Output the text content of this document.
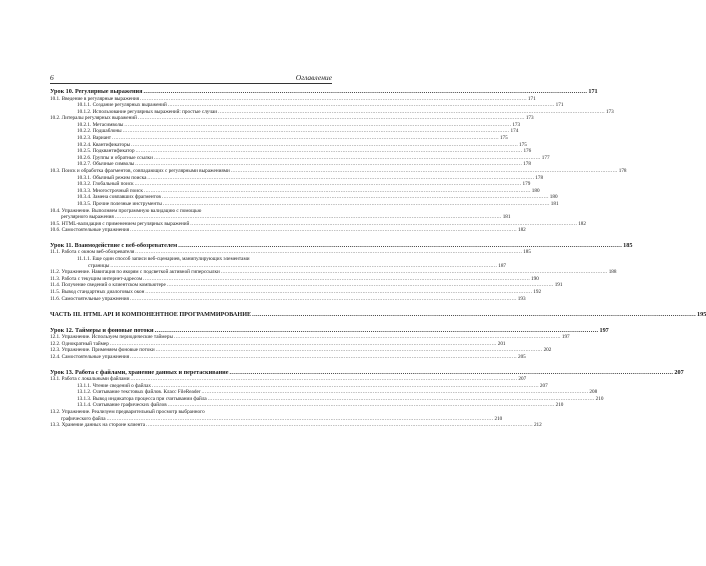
6	Оглавление
Урок 10. Регулярные выражения .....	171
10.1. Введение в регулярные выражения .....	171
10.1.1. Создание регулярных выражений .....	171
10.1.2. Использование регулярных выражений: простые случаи .....	173
10.2. Литералы регулярных выражений .....	173
10.2.1. Метасимволы .....	173
10.2.2. Подшаблоны .....	174
10.2.3. Вариант .....	175
10.2.4. Квантификаторы .....	175
10.2.5. Подквантификатор .....	176
10.2.6. Группы и обратные ссылки .....	177
10.2.7. Обычные символы .....	178
10.3. Поиск и обработка фрагментов, совпадающих с регулярными выражениями .....	178
10.3.1. Обычный режим поиска .....	178
10.3.2. Глобальный поиск .....	179
10.3.3. Многострочный поиск .....	180
10.3.4. Замена совпавших фрагментов .....	180
10.3.5. Прочие полезные инструменты .....	181
10.4. Упражнение. Выполняем программную валидацию с помощью
регулярного выражения .....	181
10.5. HTML-валидация с применением регулярных выражений .....	182
10.6. Самостоятельные упражнения .....	182
Урок 11. Взаимодействие с веб-обозревателем .....	185
11.1. Работа с окном веб-обозревателя .....	185
11.1.1. Еще один способ записи веб-сценариев, манипулирующих элементами
страницы .....	187
11.2. Упражнение. Навигация по якорям с подсветкой активной гиперссылки .....	188
11.3. Работа с текущим интернет-адресом .....	190
11.4. Получение сведений о клиентском компьютере .....	191
11.5. Вывод стандартных диалоговых окон .....	192
11.6. Самостоятельные упражнения .....	193
ЧАСТЬ III. HTML API И КОМПОНЕНТНОЕ ПРОГРАММИРОВАНИЕ .....	195
Урок 12. Таймеры и фоновые потоки .....	197
12.1. Упражнение. Используем периодические таймеры .....	197
12.2. Однократный таймер .....	201
12.3. Упражнение. Применяем фоновые потоки .....	202
12.4. Самостоятельные упражнения .....	205
Урок 13. Работа с файлами, хранение данных и перетаскивание .....	207
13.1. Работа с локальными файлами .....	207
13.1.1. Чтение сведений о файлах .....	207
13.1.2. Считывание текстовых файлов. Класс FileReader .....	208
13.1.3. Вывод индикатора процесса при считывании файла .....	210
13.1.4. Считывание графических файлов .....	210
13.2. Упражнение. Реализуем предварительный просмотр выбранного
графического файла .....	210
13.3. Хранение данных на стороне клиента .....	212
